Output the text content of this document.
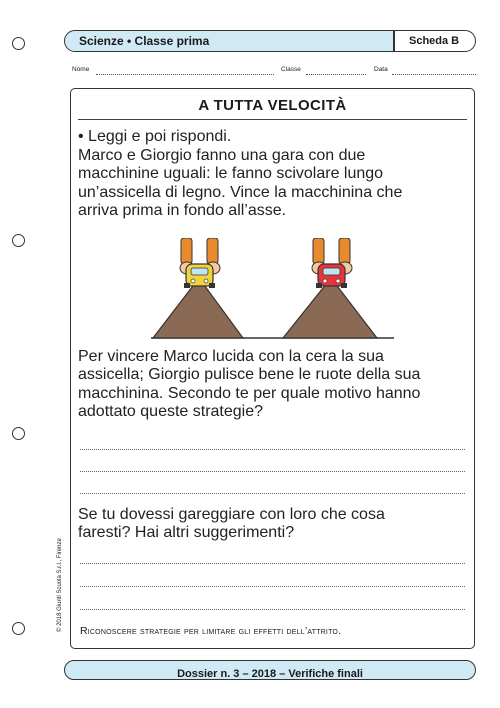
Scienze • Classe prima	Scheda B
Nome	Classe	Data
A TUTTA VELOCITÀ
• Leggi e poi rispondi.
Marco e Giorgio fanno una gara con due
macchinine uguali: le fanno scivolare lungo
un’assicella di legno. Vince la macchinina che
arriva prima in fondo all’asse.
Per vincere Marco lucida con la cera la sua
assicella; Giorgio pulisce bene le ruote della sua
macchinina. Secondo te per quale motivo hanno
adottato queste strategie?
Se tu dovessi gareggiare con loro che cosa
faresti? Hai altri suggerimenti?
Riconoscere strategie per limitare gli effetti dell’attrito.
© 2018 Giunti Scuola S.r.l., Firenze
Dossier n. 3 – 2018 – Verifiche finali
